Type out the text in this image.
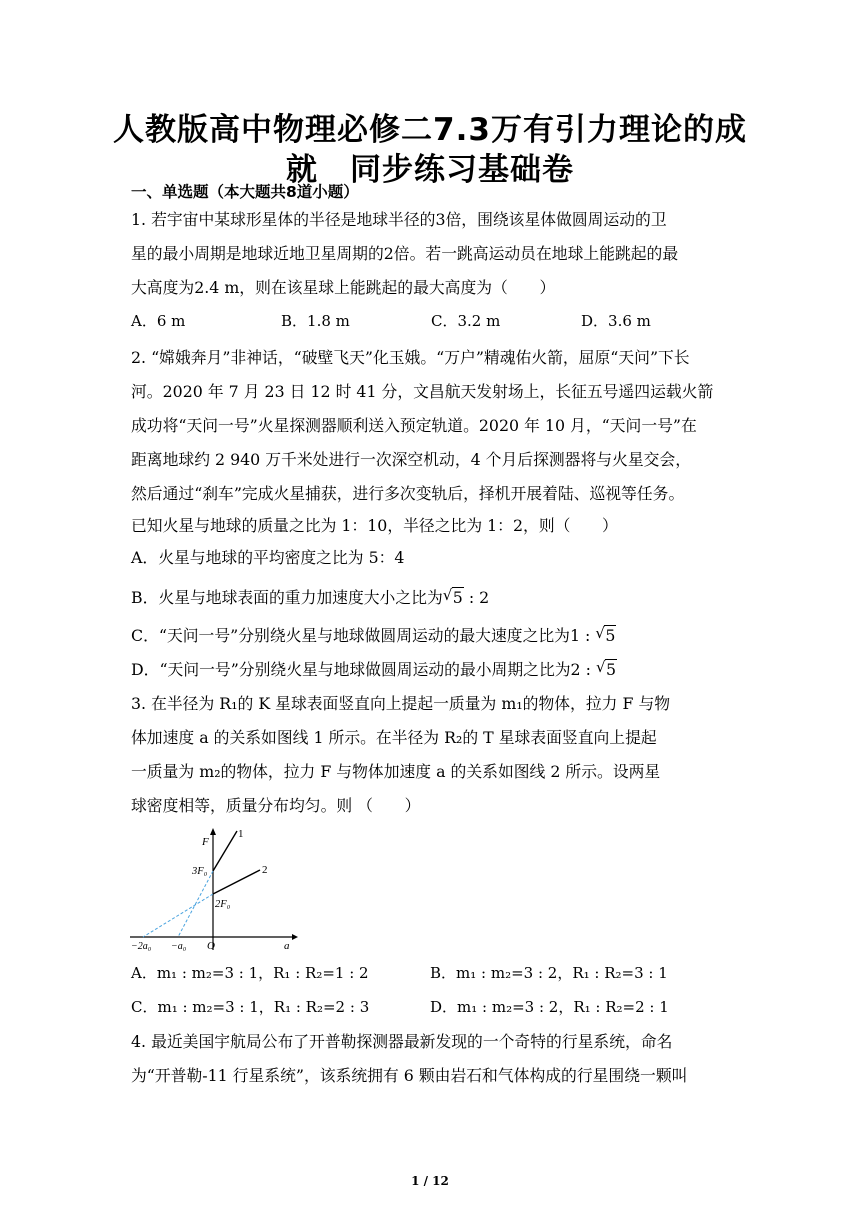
人教版高中物理必修二7.3万有引力理论的成
就　同步练习基础卷
一、单选题（本大题共8道小题）
1. 若宇宙中某球形星体的半径是地球半径的3倍，围绕该星体做圆周运动的卫
星的最小周期是地球近地卫星周期的2倍。若一跳高运动员在地球上能跳起的最
大高度为2.4 m，则在该星球上能跳起的最大高度为（　　）
A．6 m	B．1.8 m	C．3.2 m	D．3.6 m
2. “嫦娥奔月”非神话，“破壁飞天”化玉娥。“万户”精魂佑火箭，屈原“天问”下长
河。2020 年 7 月 23 日 12 时 41 分，文昌航天发射场上，长征五号遥四运载火箭
成功将“天问一号”火星探测器顺利送入预定轨道。2020 年 10 月，“天问一号”在
距离地球约 2 940 万千米处进行一次深空机动，4 个月后探测器将与火星交会，
然后通过“刹车”完成火星捕获，进行多次变轨后，择机开展着陆、巡视等任务。
已知火星与地球的质量之比为 1：10，半径之比为 1：2，则（　　）
A．火星与地球的平均密度之比为 5：4
B．火星与地球表面的重力加速度大小之比为√ 5 : 2
C．“天问一号”分别绕火星与地球做圆周运动的最大速度之比为1 : √ 5
D．“天问一号”分别绕火星与地球做圆周运动的最小周期之比为2 : √ 5
3. 在半径为 R₁的 K 星球表面竖直向上提起一质量为 m₁的物体，拉力 F 与物
体加速度 a 的关系如图线 1 所示。在半径为 R₂的 T 星球表面竖直向上提起
一质量为 m₂的物体，拉力 F 与物体加速度 a 的关系如图线 2 所示。设两星
球密度相等，质量分布均匀。则 （　　）
F
1
2
3F₀
2F₀
−2a₀ −a₀ O	a
A．m₁ : m₂=3 : 1，R₁ : R₂=1 : 2	B．m₁ : m₂=3 : 2，R₁ : R₂=3 : 1
C．m₁ : m₂=3 : 1，R₁ : R₂=2 : 3	D．m₁ : m₂=3 : 2，R₁ : R₂=2 : 1
4. 最近美国宇航局公布了开普勒探测器最新发现的一个奇特的行星系统，命名
为“开普勒-11 行星系统”，该系统拥有 6 颗由岩石和气体构成的行星围绕一颗叫
1 / 12
